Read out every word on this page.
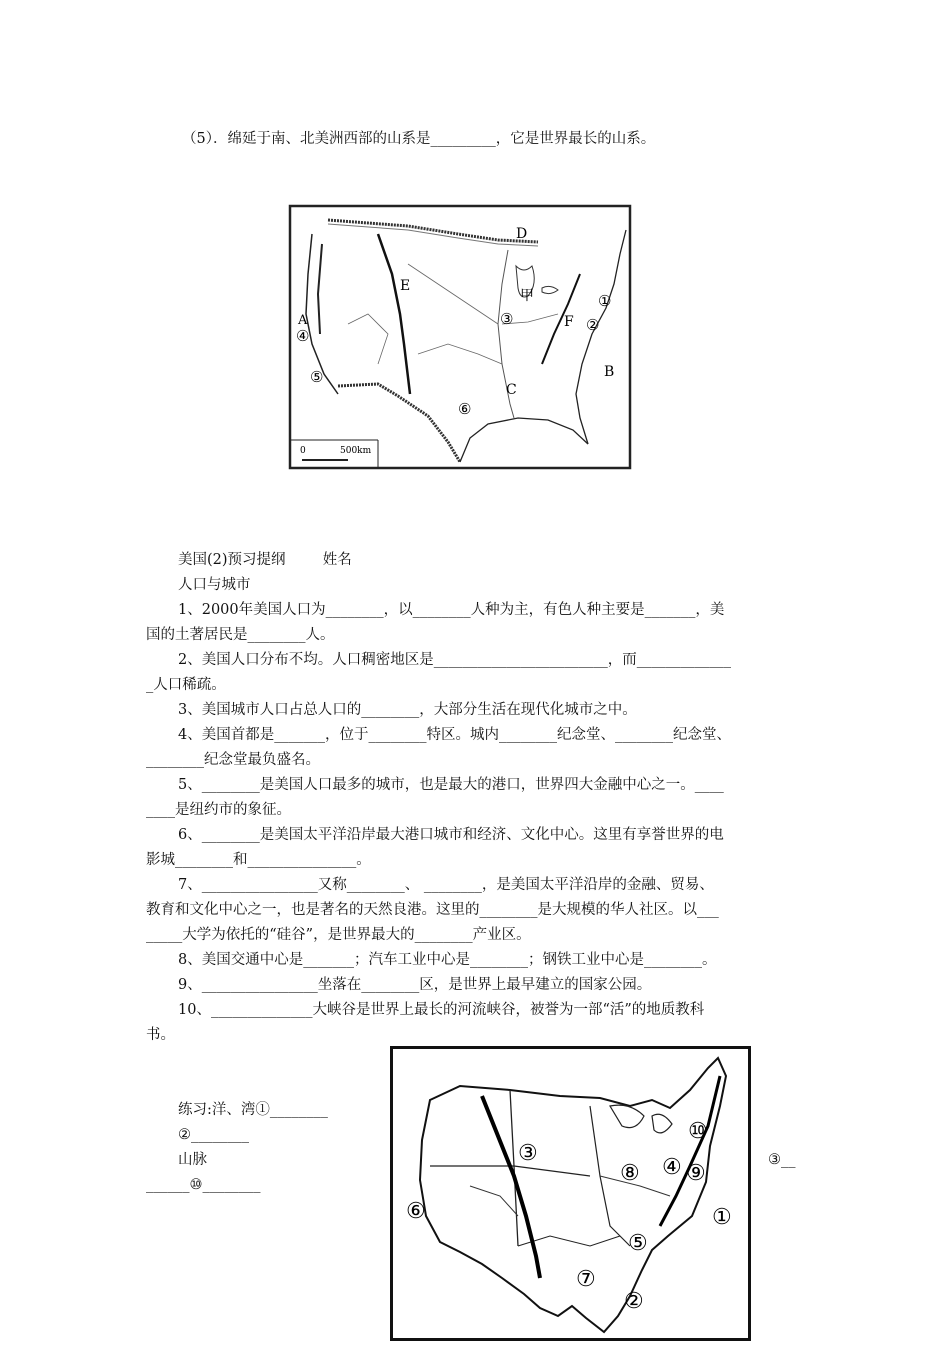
（5）．绵延于南、北美洲西部的山系是_________，它是世界最长的山系。
A
④
⑤
E
D
甲
③	F
①
②
C
B
⑥
0	500km
美国(2)预习提纲	姓名
人口与城市
1、2000年美国人口为________，以________人种为主，有色人种主要是_______，美
国的土著居民是________人。
2、美国人口分布不均。人口稠密地区是________________________，而_____________
_人口稀疏。
3、美国城市人口占总人口的________，大部分生活在现代化城市之中。
4、美国首都是_______，位于________特区。城内________纪念堂、________纪念堂、
________纪念堂最负盛名。
5、________是美国人口最多的城市，也是最大的港口，世界四大金融中心之一。____
____是纽约市的象征。
6、________是美国太平洋沿岸最大港口城市和经济、文化中心。这里有享誉世界的电
影城________和_______________。
7、________________又称________、 ________，是美国太平洋沿岸的金融、贸易、
教育和文化中心之一，也是著名的天然良港。这里的________是大规模的华人社区。以___
_____大学为依托的“硅谷”，是世界最大的________产业区。
8、美国交通中心是_______；汽车工业中心是________；钢铁工业中心是________。
9、________________坐落在________区，是世界上最早建立的国家公园。
10、______________大峡谷是世界上最长的河流峡谷，被誉为一部“活”的地质教科
书。
练习:洋、湾①________
②________
山脉
______⑩________
③__
③
⑥
⑧ ④ ⑨
⑩
①
⑤
⑦
②
